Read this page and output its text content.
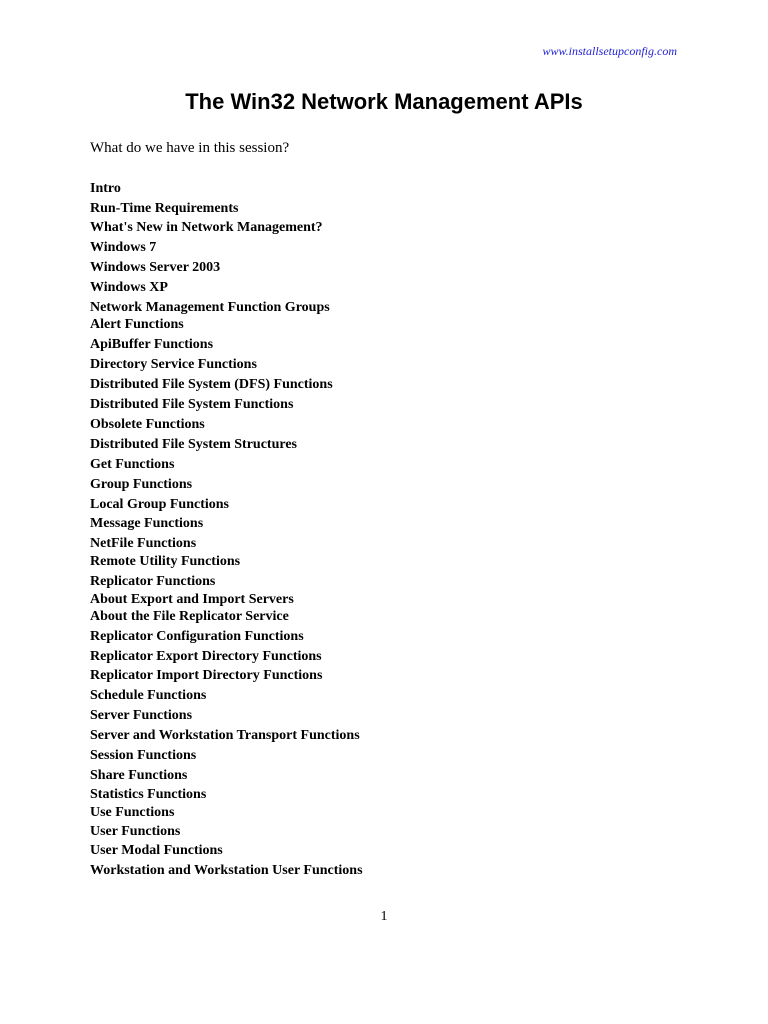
www.installsetupconfig.com
The Win32 Network Management APIs
What do we have in this session?
Intro
Run-Time Requirements
What's New in Network Management?
Windows 7
Windows Server 2003
Windows XP
Network Management Function Groups
Alert Functions
ApiBuffer Functions
Directory Service Functions
Distributed File System (DFS) Functions
Distributed File System Functions
Obsolete Functions
Distributed File System Structures
Get Functions
Group Functions
Local Group Functions
Message Functions
NetFile Functions
Remote Utility Functions
Replicator Functions
About Export and Import Servers
About the File Replicator Service
Replicator Configuration Functions
Replicator Export Directory Functions
Replicator Import Directory Functions
Schedule Functions
Server Functions
Server and Workstation Transport Functions
Session Functions
Share Functions
Statistics Functions
Use Functions
User Functions
User Modal Functions
Workstation and Workstation User Functions
1
